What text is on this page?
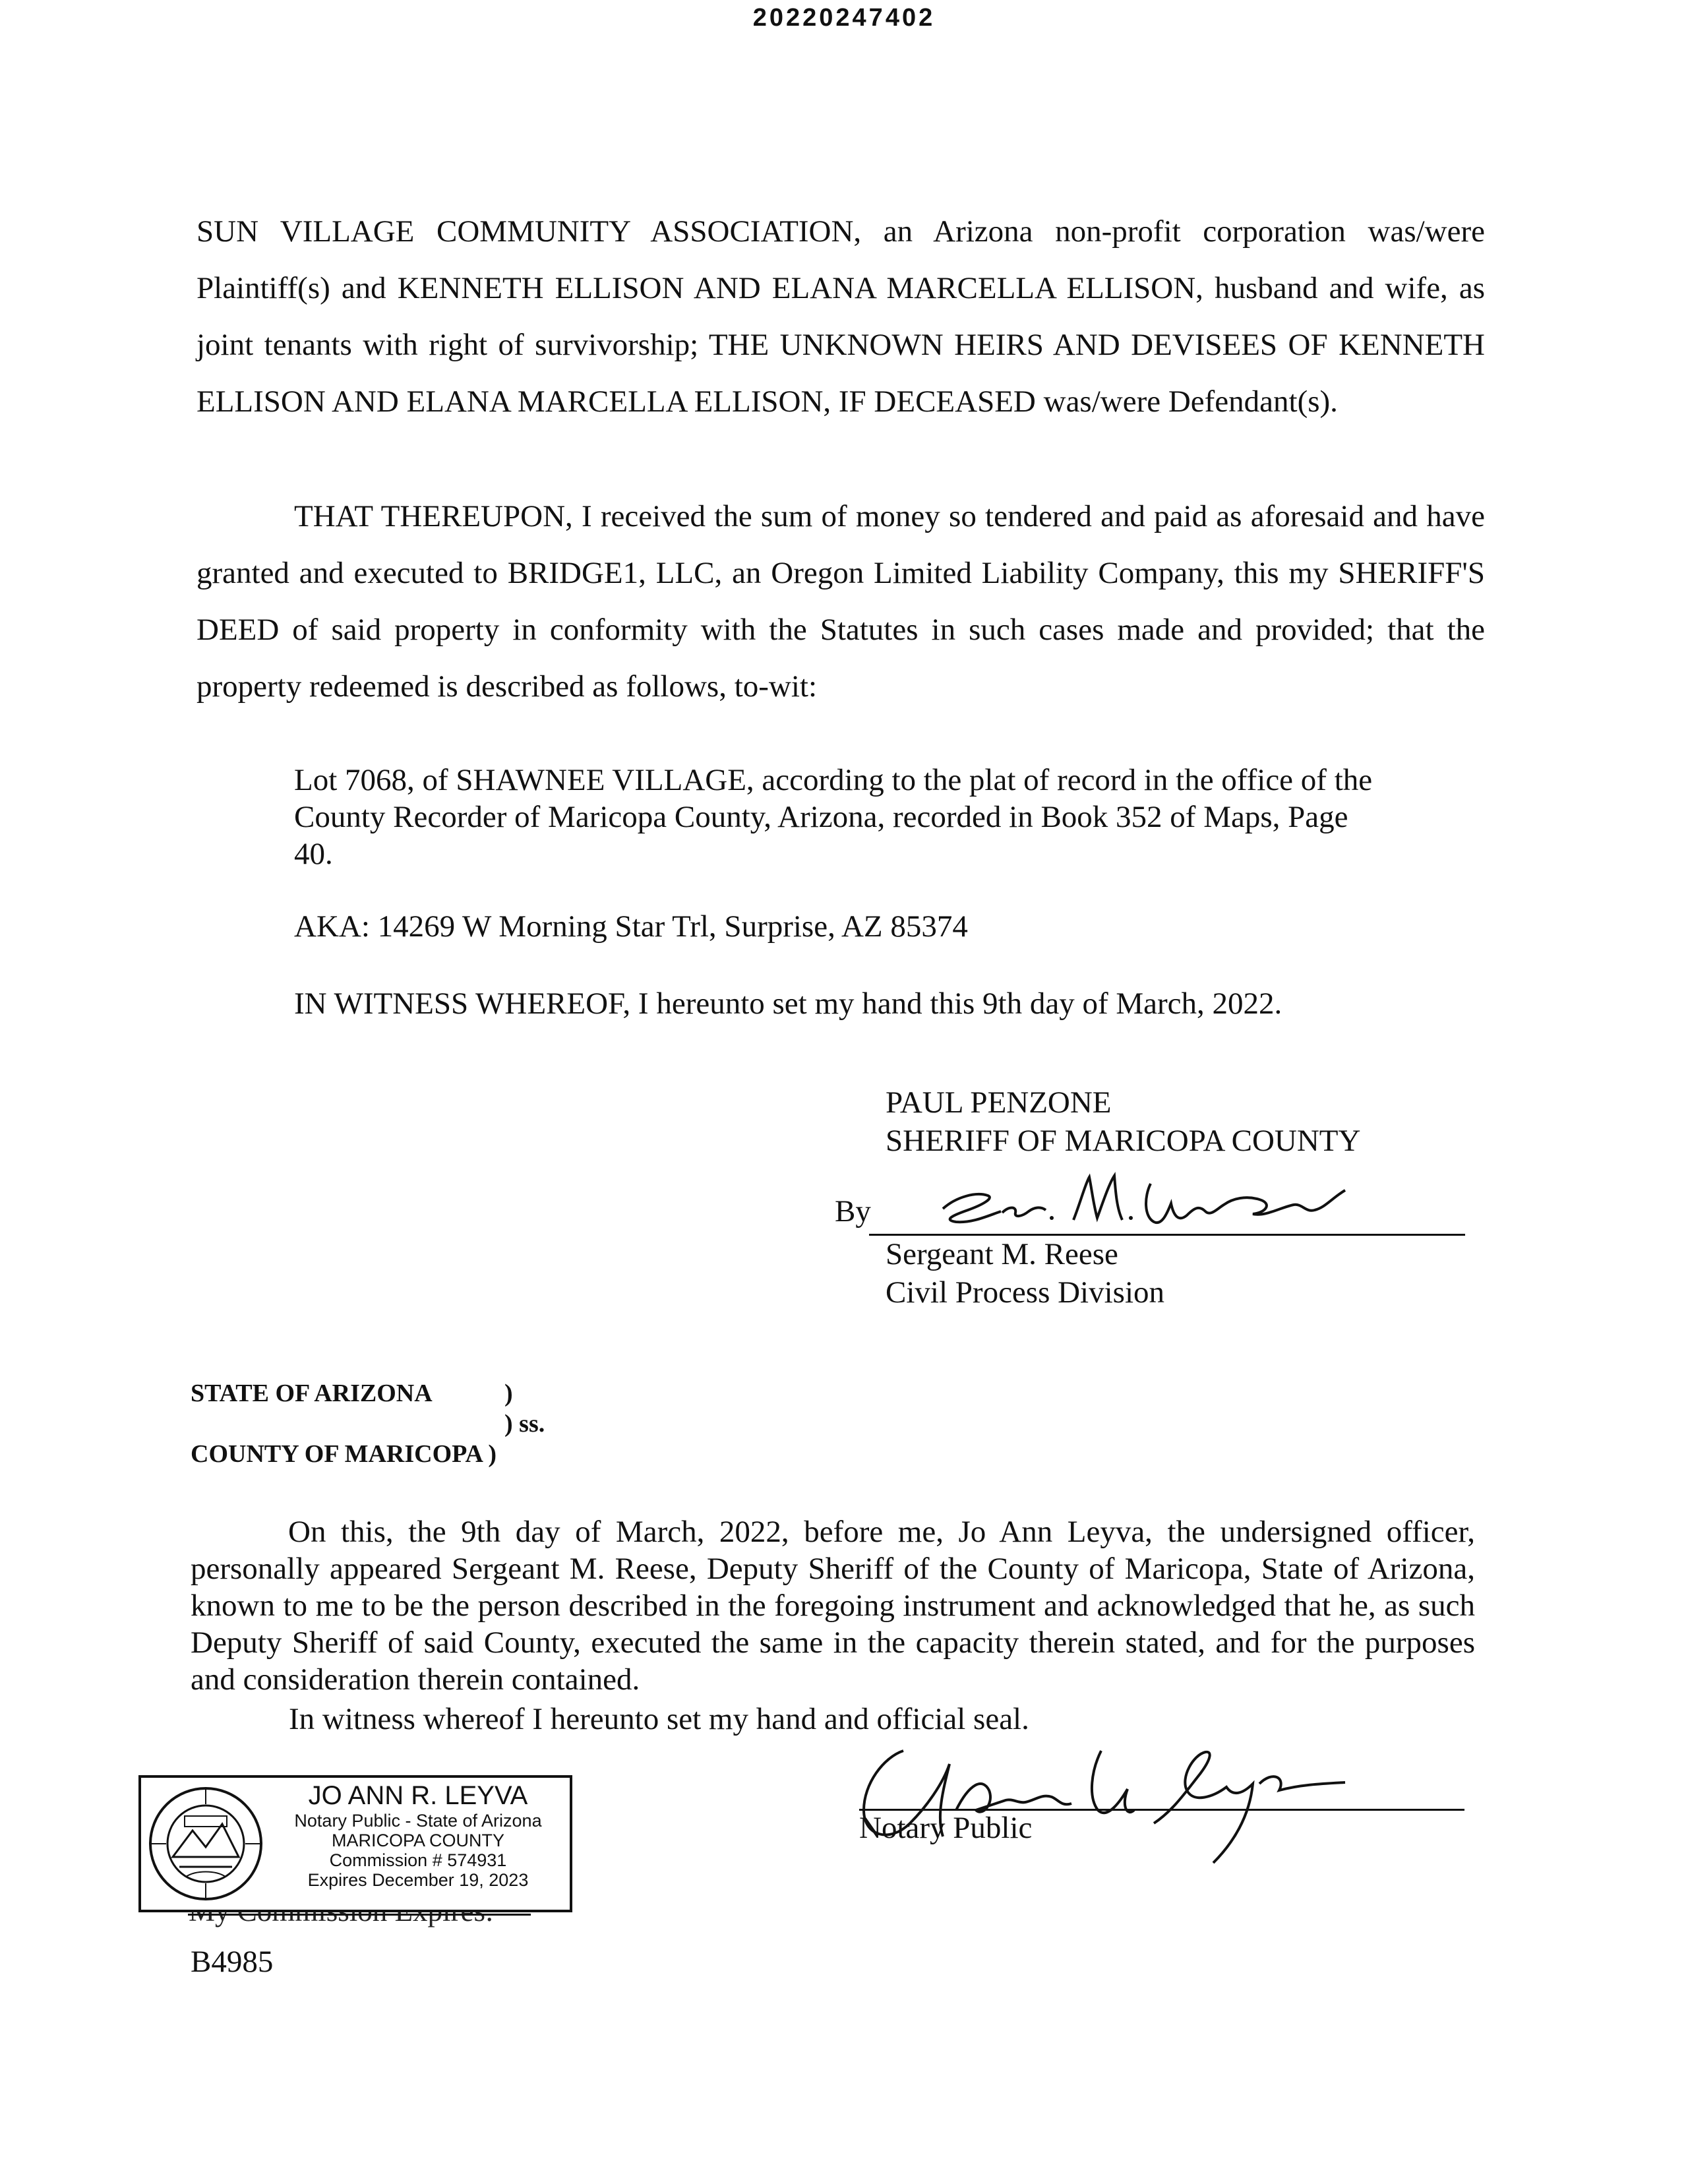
20220247402
SUN VILLAGE COMMUNITY ASSOCIATION, an Arizona non-profit corporation was/were Plaintiff(s) and KENNETH ELLISON AND ELANA MARCELLA ELLISON, husband and wife, as joint tenants with right of survivorship; THE UNKNOWN HEIRS AND DEVISEES OF KENNETH ELLISON AND ELANA MARCELLA ELLISON, IF DECEASED was/were Defendant(s).
THAT THEREUPON, I received the sum of money so tendered and paid as aforesaid and have granted and executed to BRIDGE1, LLC, an Oregon Limited Liability Company, this my SHERIFF'S DEED of said property in conformity with the Statutes in such cases made and provided; that the property redeemed is described as follows, to-wit:
Lot 7068, of SHAWNEE VILLAGE, according to the plat of record in the office of the County Recorder of Maricopa County, Arizona, recorded in Book 352 of Maps, Page 40.
AKA: 14269 W Morning Star Trl, Surprise, AZ 85374
IN WITNESS WHEREOF, I hereunto set my hand this 9th day of March, 2022.
PAUL PENZONE
SHERIFF OF MARICOPA COUNTY
By
Sergeant M. Reese
Civil Process Division
STATE OF ARIZONA	)
) ss.
COUNTY OF MARICOPA )
On this, the 9th day of March, 2022, before me, Jo Ann Leyva, the undersigned officer, personally appeared Sergeant M. Reese, Deputy Sheriff of the County of Maricopa, State of Arizona, known to me to be the person described in the foregoing instrument and acknowledged that he, as such Deputy Sheriff of said County, executed the same in the capacity therein stated, and for the purposes and consideration therein contained.
In witness whereof I hereunto set my hand and official seal.
Notary Public
JO ANN R. LEYVA
Notary Public - State of Arizona
MARICOPA COUNTY
Commission # 574931
Expires December 19, 2023
B4985
